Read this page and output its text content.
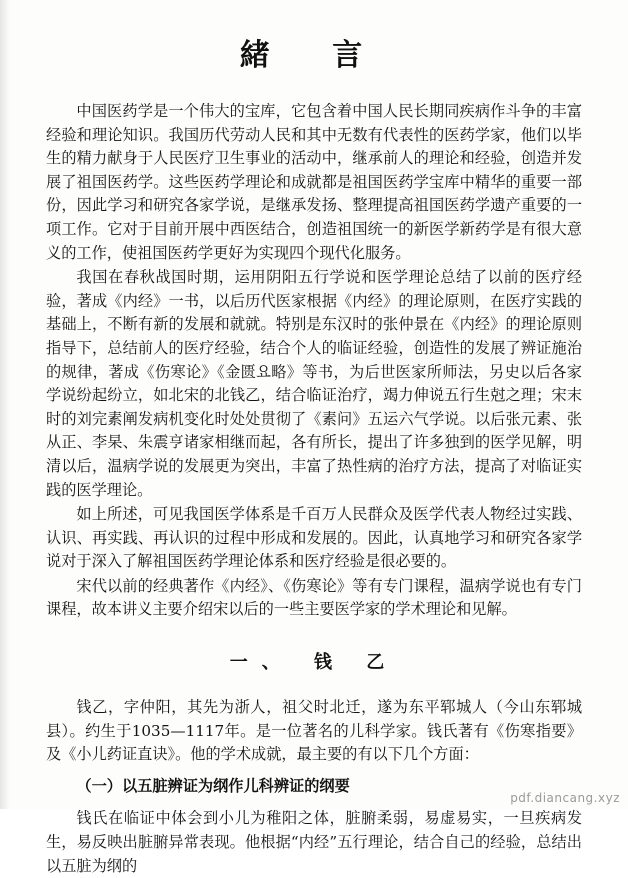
緒 言

中国医药学是一个伟大的宝库，它包含着中国人民长期同疾病作斗争的丰富经验和理论知识。我国历代劳动人民和其中无数有代表性的医药学家，他们以毕生的精力献身于人民医疗卫生事业的活动中，继承前人的理论和经验，创造并发展了祖国医药学。这些医药学理论和成就都是祖国医药学宝库中精华的重要一部份，因此学习和研究各家学说，是继承发扬、整理提高祖国医药学遗产重要的一项工作。它对于目前开展中西医结合，创造祖国统一的新医学新药学是有很大意义的工作，使祖国医药学更好为实现四个现代化服务。

我国在春秋战国时期，运用阴阳五行学说和医学理论总结了以前的医疗经验，著成《内经》一书，以后历代医家根据《内经》的理论原则，在医疗实践的基础上，不断有新的发展和就就。特别是东汉时的张仲景在《内经》的理论原则指导下，总结前人的医疗经验，结合个人的临证经验，创造性的发展了辨证施治的规律，著成《伤寒论》《金匮요略》等书，为后世医家所师法，另史以后各家学说纷起纷立，如北宋的北钱乙，结合临证治疗，竭力伸说五行生尅之理；宋末时的刘完素阐发病机变化时处处贯彻了《素问》五运六气学说。以后张元素、张从正、李杲、朱震亨诸家相继而起，各有所长，提出了许多独到的医学见解，明清以后，温病学说的发展更为突出，丰富了热性病的治疗方法，提高了对临证实践的医学理论。

如上所述，可见我国医学体系是千百万人民群众及医学代表人物经过实践、认识、再实践、再认识的过程中形成和发展的。因此，认真地学习和研究各家学说对于深入了解祖国医药学理论体系和医疗经验是很必要的。

宋代以前的经典著作《内经》、《伤寒论》等有专门课程，温病学说也有专门课程，故本讲义主要介绍宋以后的一些主要医学家的学术理论和见解。

一、 钱 乙

钱乙，字仲阳，其先为浙人，祖父时北迁，遂为东平郓城人（今山东郓城县）。约生于1035—1117年。是一位著名的儿科学家。钱氏著有《伤寒指要》及《小儿药证直诀》。他的学术成就，最主要的有以下几个方面：

（一）以五脏辨证为纲作儿科辨证的纲要

钱氏在临证中体会到小儿为稚阳之体，脏腑柔弱，易虚易实，一旦疾病发生，易反映出脏腑异常表现。他根据“内经”五行理论，结合自己的经验，总结出以五脏为纲的

pdf.diancang.xyz
